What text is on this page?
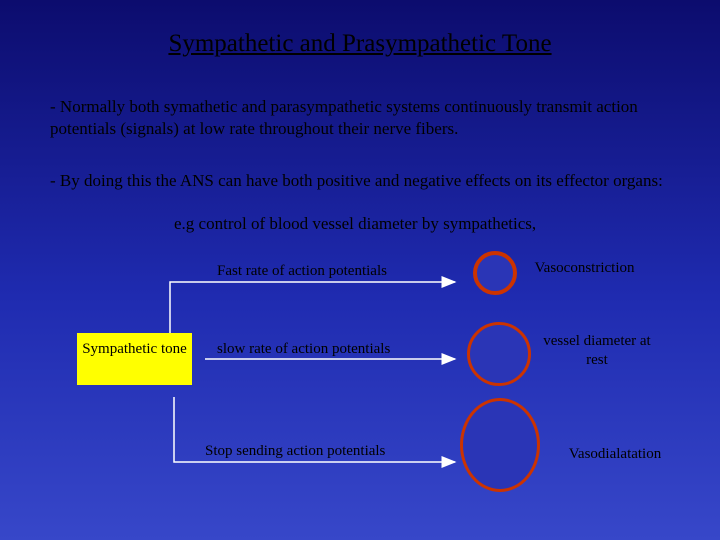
Sympathetic and Prasympathetic Tone
- Normally both symathetic and parasympathetic systems continuously transmit action potentials (signals) at low rate throughout their nerve fibers.
- By doing this the ANS can have both positive and negative effects on its effector organs:
e.g control of blood vessel diameter by sympathetics,
Sympathetic tone
Fast rate of action potentials
slow rate of action potentials
Stop sending action potentials
Vasoconstriction
vessel diameter at rest
Vasodialatation
